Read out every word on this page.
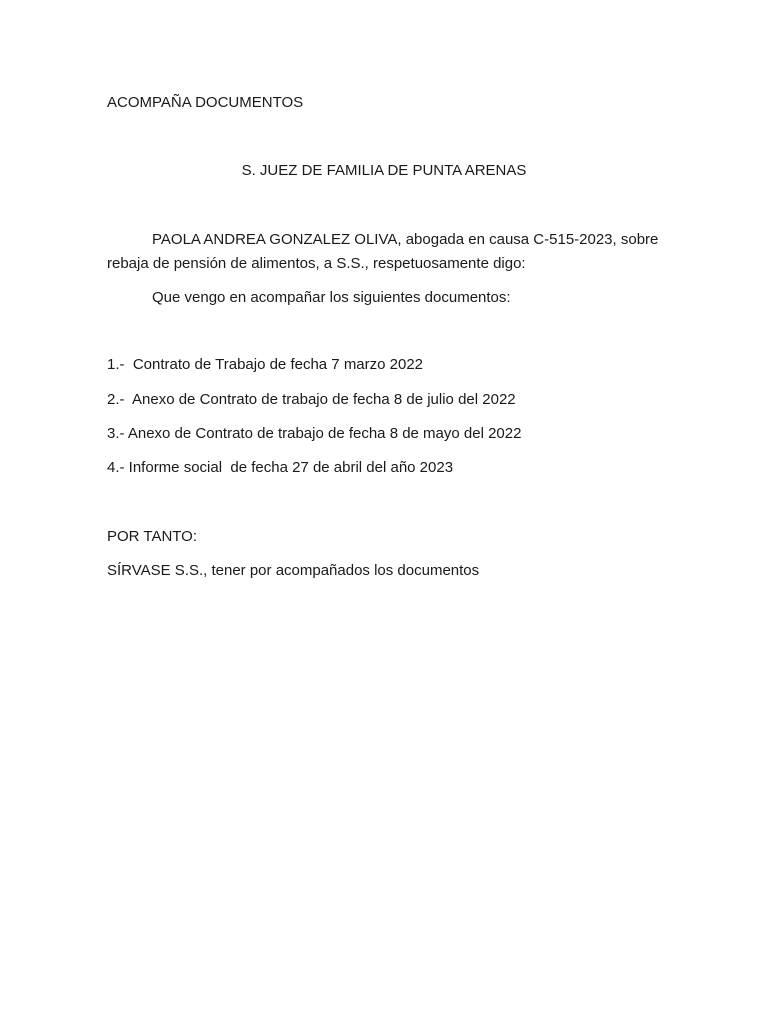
ACOMPAÑA DOCUMENTOS
S. JUEZ DE FAMILIA DE PUNTA ARENAS
PAOLA ANDREA GONZALEZ OLIVA, abogada en causa C-515-2023, sobre
rebaja de pensión de alimentos, a S.S., respetuosamente digo:
Que vengo en acompañar los siguientes documentos:
1.-  Contrato de Trabajo de fecha 7 marzo 2022
2.-  Anexo de Contrato de trabajo de fecha 8 de julio del 2022
3.- Anexo de Contrato de trabajo de fecha 8 de mayo del 2022
4.- Informe social  de fecha 27 de abril del año 2023
POR TANTO:
SÍRVASE S.S., tener por acompañados los documentos
